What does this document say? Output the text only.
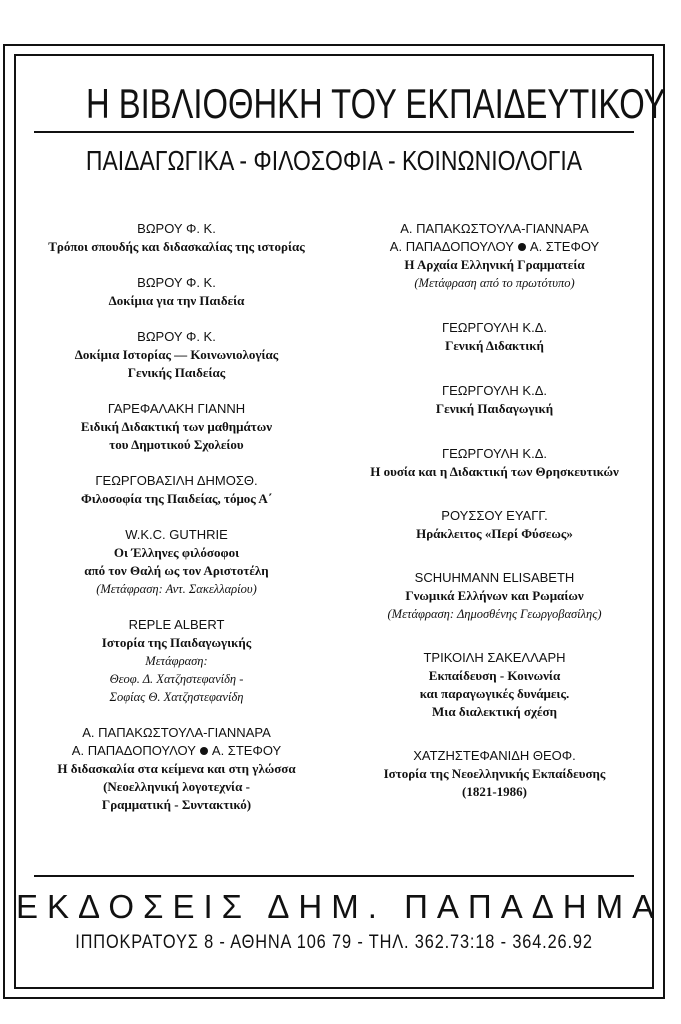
Η ΒΙΒΛΙΟΘΗΚΗ ΤΟΥ ΕΚΠΑΙΔΕΥΤΙΚΟΥ
ΠΑΙΔΑΓΩΓΙΚΑ - ΦΙΛΟΣΟΦΙΑ - ΚΟΙΝΩΝΙΟΛΟΓΙΑ
ΒΩΡΟΥ Φ. Κ.
Τρόποι σπουδής και διδασκαλίας της ιστορίας
ΒΩΡΟΥ Φ. Κ.
Δοκίμια για την Παιδεία
ΒΩΡΟΥ Φ. Κ.
Δοκίμια Ιστορίας — Κοινωνιολογίας
Γενικής Παιδείας
ΓΑΡΕΦΑΛΑΚΗ ΓΙΑΝΝΗ
Ειδική Διδακτική των μαθημάτων
του Δημοτικού Σχολείου
ΓΕΩΡΓΟΒΑΣΙΛΗ ΔΗΜΟΣΘ.
Φιλοσοφία της Παιδείας, τόμος Α΄
W.K.C. GUTHRIE
Οι Έλληνες φιλόσοφοι
από τον Θαλή ως τον Αριστοτέλη
(Μετάφραση: Αντ. Σακελλαρίου)
REPLE ALBERT
Ιστορία της Παιδαγωγικής
Μετάφραση:
Θεοφ. Δ. Χατζηστεφανίδη -
Σοφίας Θ. Χατζηστεφανίδη
Α. ΠΑΠΑΚΩΣΤΟΥΛΑ-ΓΙΑΝΝΑΡΑ
Α. ΠΑΠΑΔΟΠΟΥΛΟΥ Α. ΣΤΕΦΟΥ
Η διδασκαλία στα κείμενα και στη γλώσσα
(Νεοελληνική λογοτεχνία -
Γραμματική - Συντακτικό)
Α. ΠΑΠΑΚΩΣΤΟΥΛΑ-ΓΙΑΝΝΑΡΑ
Α. ΠΑΠΑΔΟΠΟΥΛΟΥ Α. ΣΤΕΦΟΥ
Η Αρχαία Ελληνική Γραμματεία
(Μετάφραση από το πρωτότυπο)
ΓΕΩΡΓΟΥΛΗ Κ.Δ.
Γενική Διδακτική
ΓΕΩΡΓΟΥΛΗ Κ.Δ.
Γενική Παιδαγωγική
ΓΕΩΡΓΟΥΛΗ Κ.Δ.
Η ουσία και η Διδακτική των Θρησκευτικών
ΡΟΥΣΣΟΥ ΕΥΑΓΓ.
Ηράκλειτος «Περί Φύσεως»
SCHUHMANN ELISABETH
Γνωμικά Ελλήνων και Ρωμαίων
(Μετάφραση: Δημοσθένης Γεωργοβασίλης)
ΤΡΙΚΟΙΛΗ ΣΑΚΕΛΛΑΡΗ
Εκπαίδευση - Κοινωνία
και παραγωγικές δυνάμεις.
Μια διαλεκτική σχέση
ΧΑΤΖΗΣΤΕΦΑΝΙΔΗ ΘΕΟΦ.
Ιστορία της Νεοελληνικής Εκπαίδευσης
(1821-1986)
ΕΚΔΟΣΕΙΣ ΔΗΜ. ΠΑΠΑΔΗΜΑ
ΙΠΠΟΚΡΑΤΟΥΣ 8 - ΑΘΗΝΑ 106 79 - ΤΗΛ. 362.73:18 - 364.26.92
